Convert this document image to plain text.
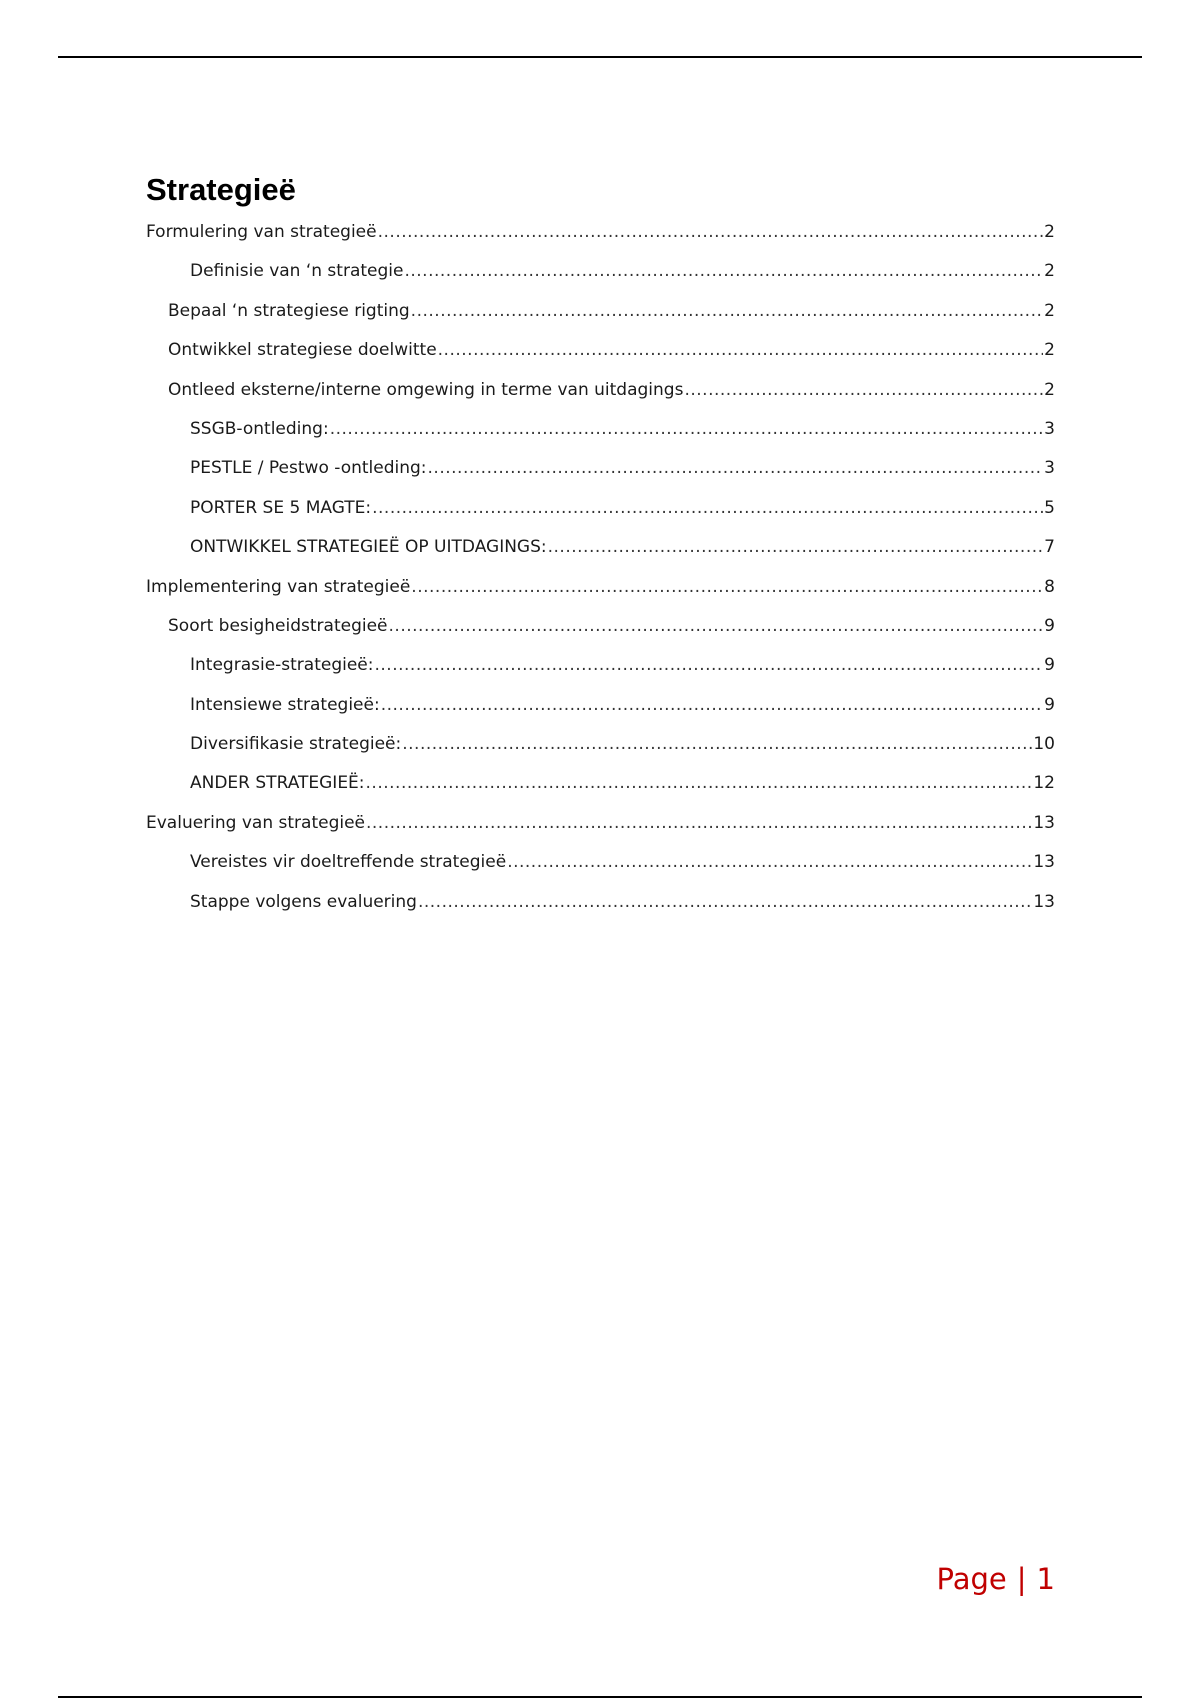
Strategieë
Formulering van strategieë .....	2
Definisie van ‘n strategie .....	2
Bepaal ‘n strategiese rigting .....	2
Ontwikkel strategiese doelwitte .....	2
Ontleed eksterne/interne omgewing in terme van uitdagings .....	2
SSGB-ontleding: .....	3
PESTLE / Pestwo -ontleding: .....	3
PORTER SE 5 MAGTE: .....	5
ONTWIKKEL STRATEGIEË OP UITDAGINGS: .....	7
Implementering van strategieë .....	8
Soort besigheidstrategieë .....	9
Integrasie-strategieë: .....	9
Intensiewe strategieë: .....	9
Diversifikasie strategieë: .....	10
ANDER STRATEGIEË: .....	12
Evaluering van strategieë .....	13
Vereistes vir doeltreffende strategieë .....	13
Stappe volgens evaluering .....	13
Page | 1
